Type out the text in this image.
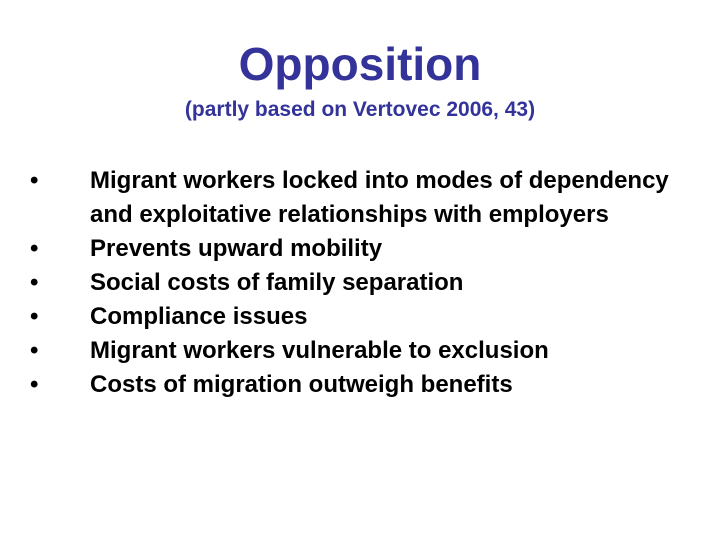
Opposition

(partly based on Vertovec 2006, 43)

•	Migrant workers locked into modes of dependency and exploitative relationships with employers
•	Prevents upward mobility
•	Social costs of family separation
•	Compliance issues
•	Migrant workers vulnerable to exclusion
•	Costs of migration outweigh benefits
